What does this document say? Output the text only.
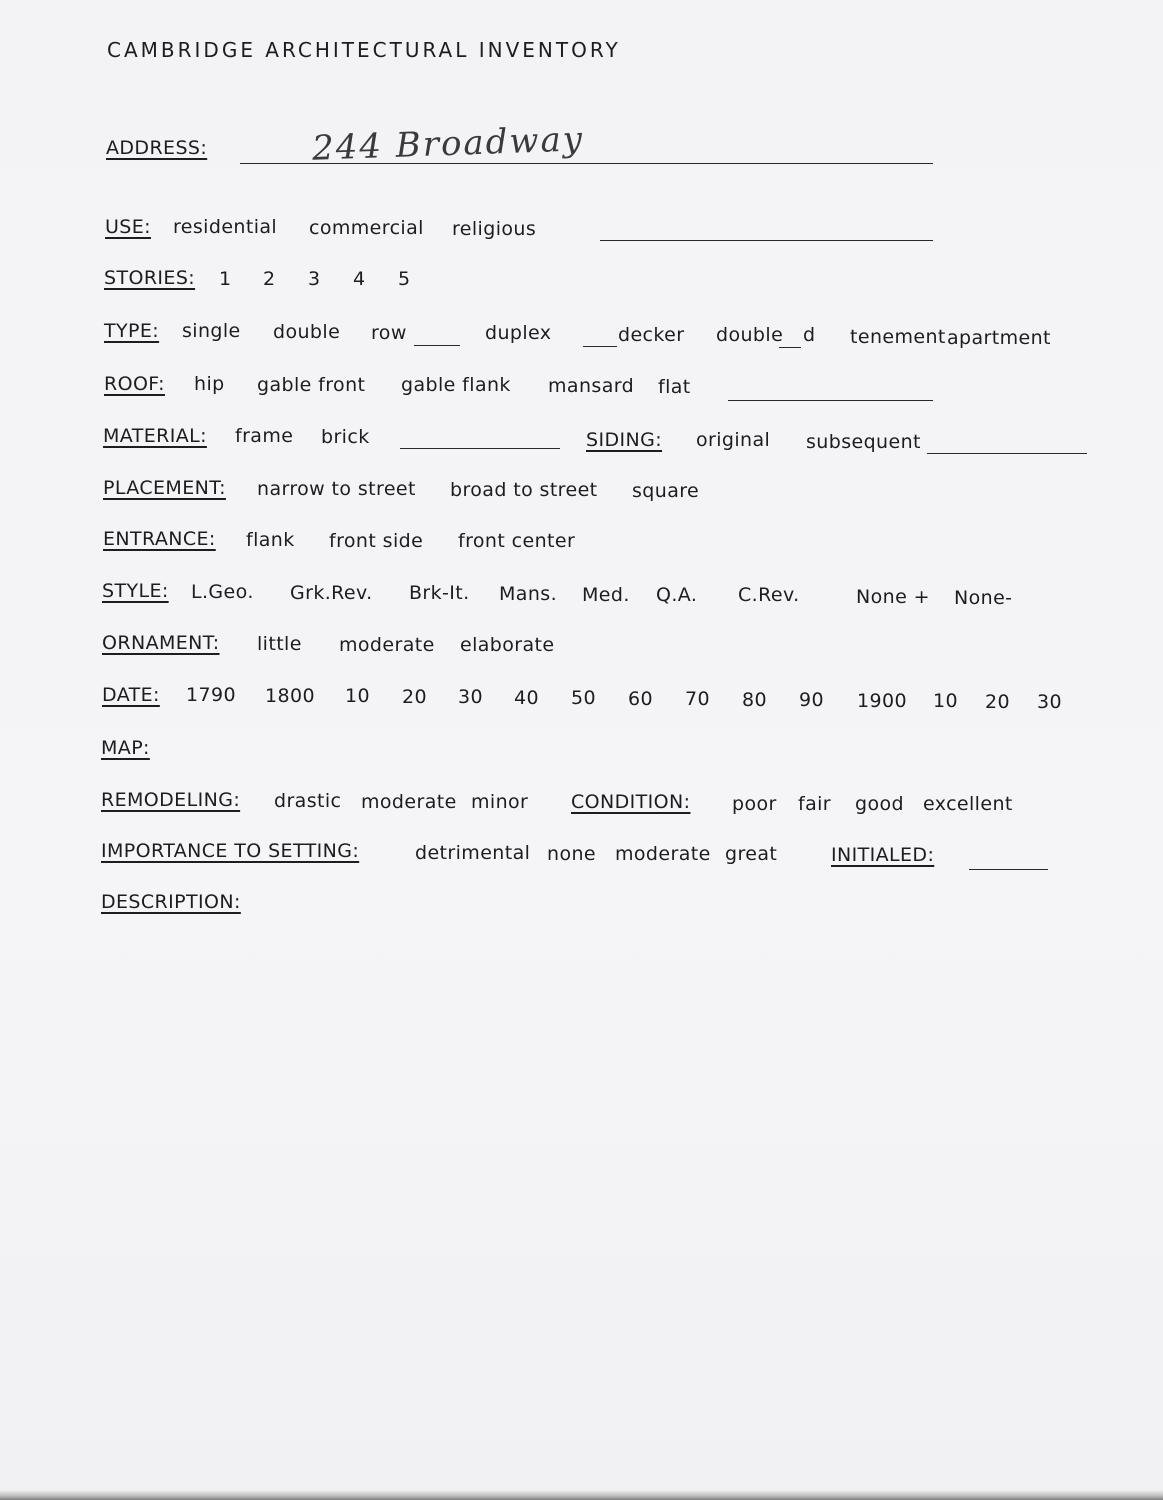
CAMBRIDGE ARCHITECTURAL INVENTORY
ADDRESS:	244 Broadway
USE: residential commercial religious
STORIES: 1 2 3 4 5
TYPE: single double row	duplex	decker double d tenement apartment
ROOF: hip gable front gable flank mansard flat
MATERIAL: frame brick	SIDING: original subsequent
PLACEMENT: narrow to street broad to street square
ENTRANCE: flank front side front center
STYLE: L.Geo. Grk.Rev. Brk-It. Mans. Med. Q.A. C.Rev.	None + None-
ORNAMENT: little moderate elaborate
DATE: 1790 1800 10 20 30 40 50 60 70 80 90 1900 10 20 30
MAP:
REMODELING: drastic moderate minor CONDITION: poor fair good excellent
IMPORTANCE TO SETTING:	detrimental none moderate great	INITIALED:
DESCRIPTION:
